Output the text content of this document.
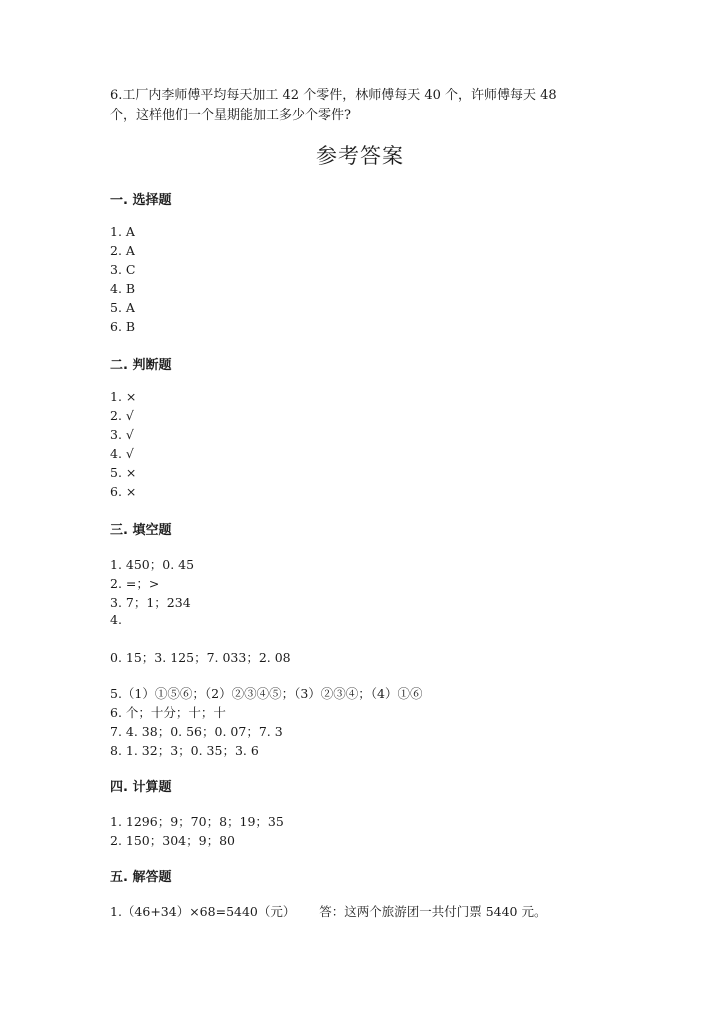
6.工厂内李师傅平均每天加工 42 个零件，林师傅每天 40 个，许师傅每天 48
个，这样他们一个星期能加工多少个零件?
参考答案
一. 选择题
1. A
2. A
3. C
4. B
5. A
6. B
二. 判断题
1. ×
2. √
3. √
4. √
5. ×
6. ×
三. 填空题
1. 450；0. 45
2. =；>
3. 7；1；234
4.
0. 15；3. 125；7. 033；2. 08
5.（1）①⑤⑥；（2）②③④⑤；（3）②③④；（4）①⑥
6. 个；十分；十；十
7. 4. 38；0. 56；0. 07；7. 3
8. 1. 32；3；0. 35；3. 6
四. 计算题
1. 1296；9；70；8；19；35
2. 150；304；9；80
五. 解答题
1.（46+34）×68=5440（元）      答：这两个旅游团一共付门票 5440 元。
